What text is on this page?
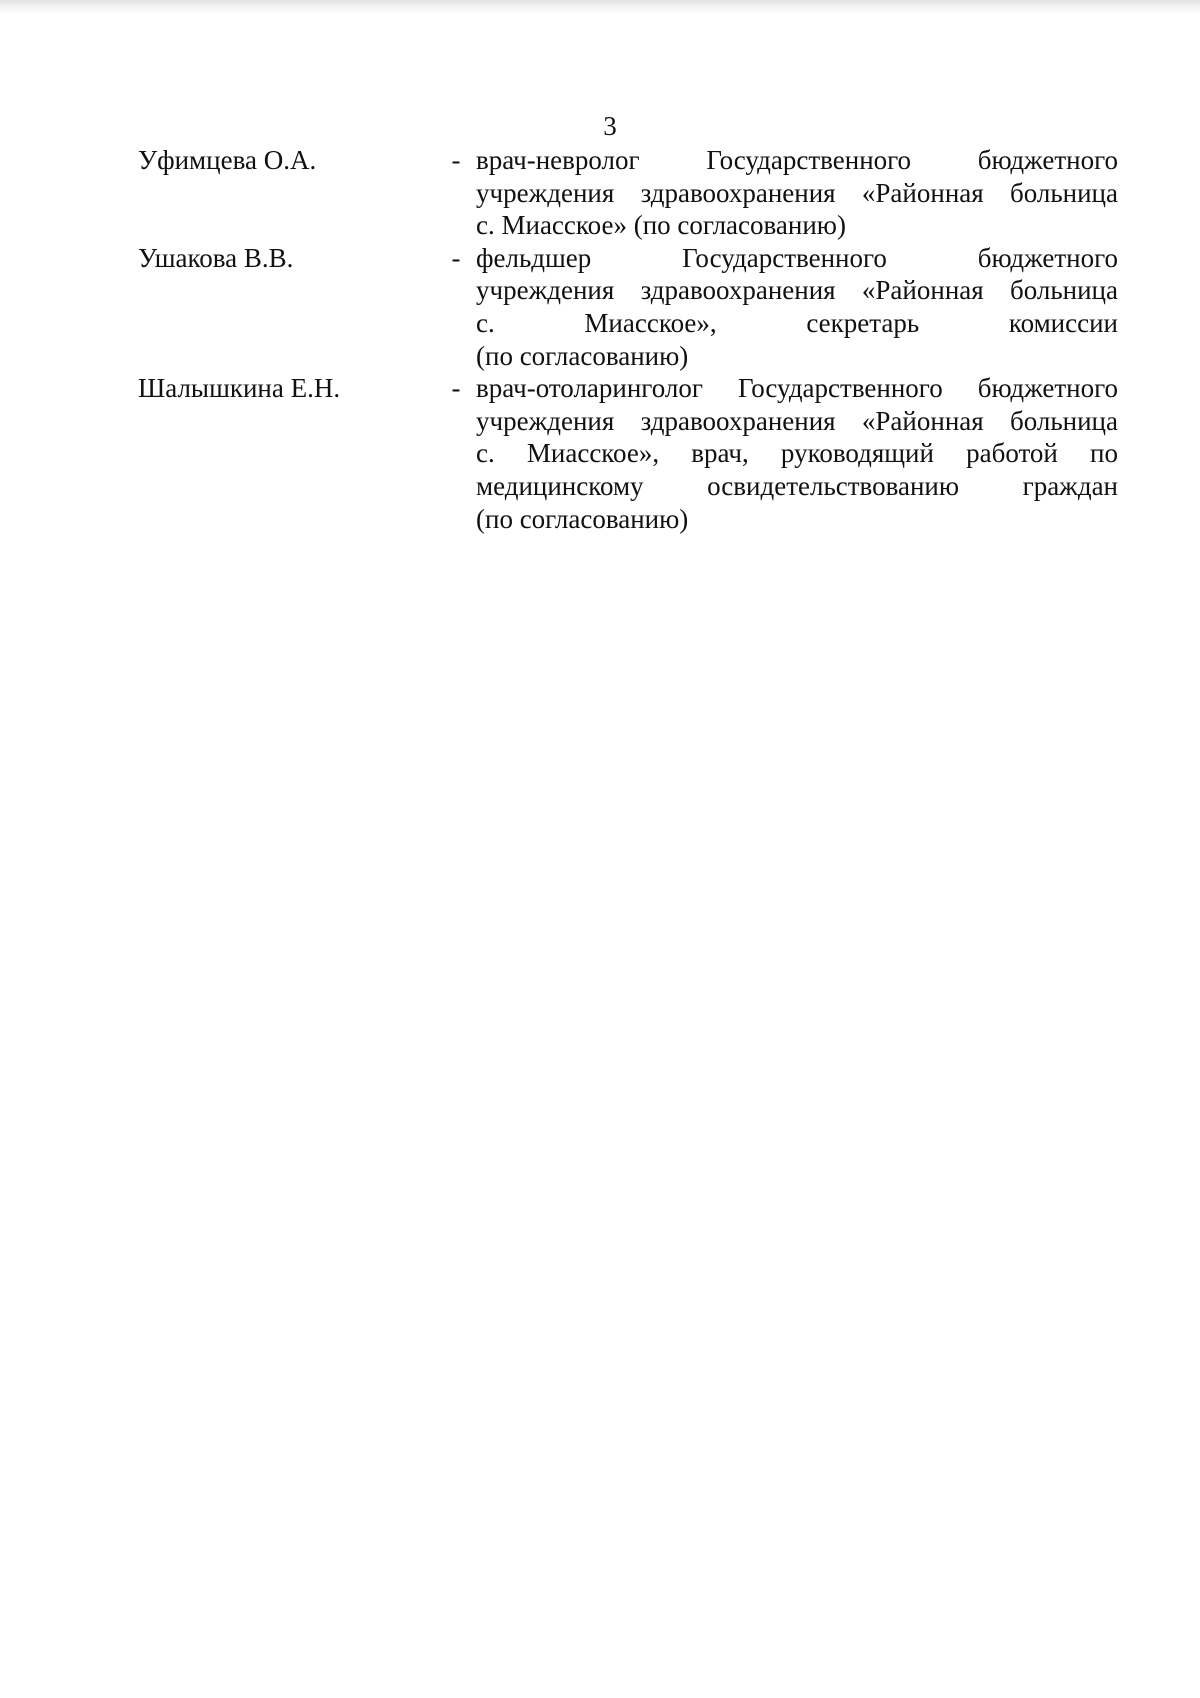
3
Уфимцева О.А.	- врач-невролог Государственного бюджетного
учреждения здравоохранения «Районная больница
с. Миасское» (по согласованию)
Ушакова В.В.	- фельдшер Государственного бюджетного
учреждения здравоохранения «Районная больница
с. Миасское», секретарь комиссии
(по согласованию)
Шалышкина Е.Н.	- врач-отоларинголог Государственного бюджетного
учреждения здравоохранения «Районная больница
с. Миасское», врач, руководящий работой по
медицинскому освидетельствованию граждан
(по согласованию)
